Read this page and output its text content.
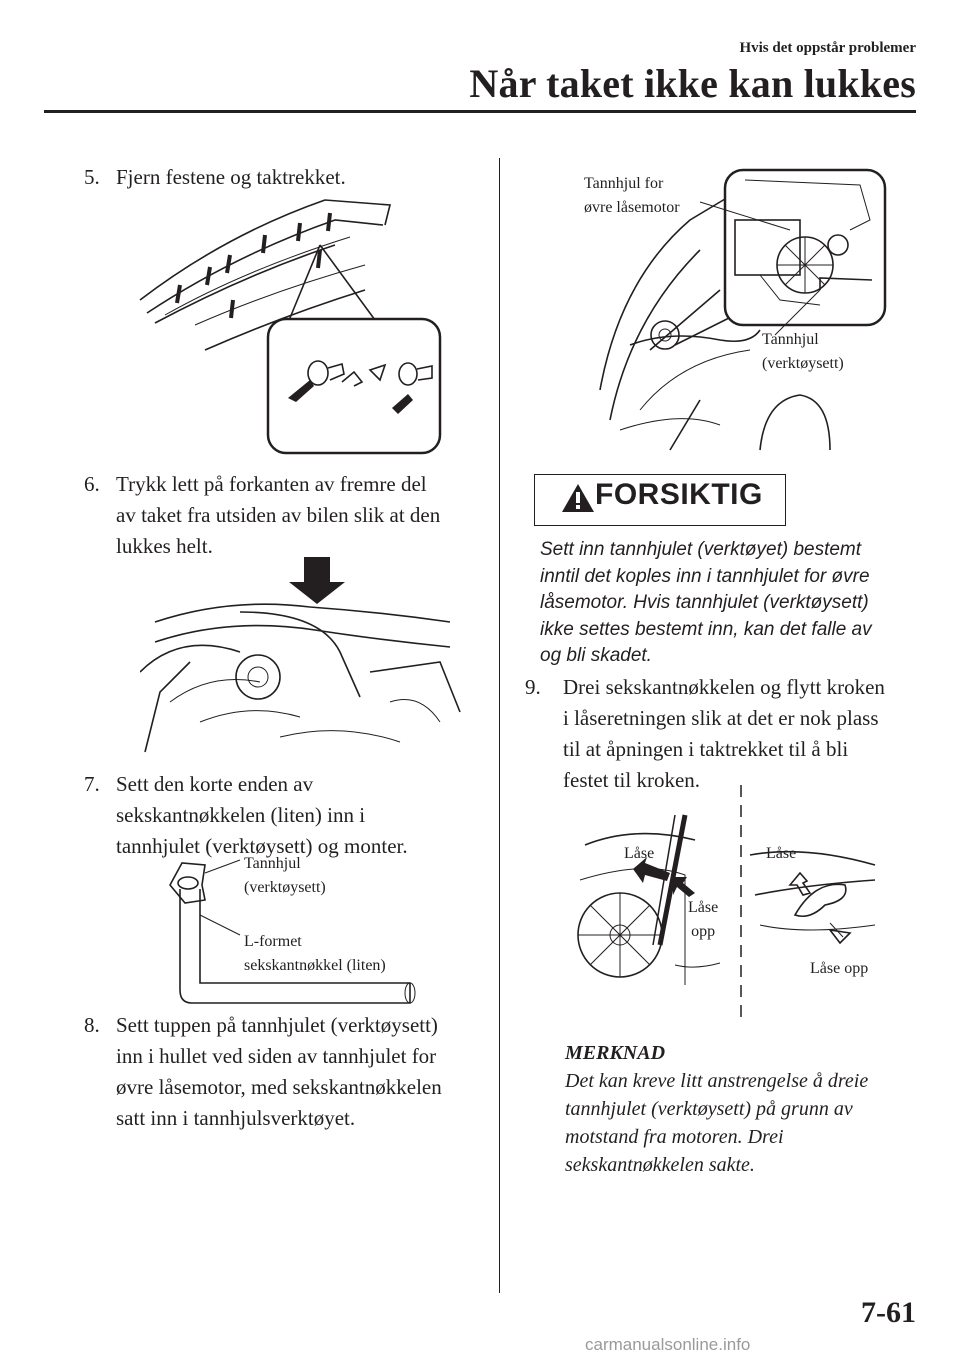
Hvis det oppstår problemer
Når taket ikke kan lukkes
5. Fjern festene og taktrekket.
6. Trykk lett på forkanten av fremre del
av taket fra utsiden av bilen slik at den
lukkes helt.
7. Sett den korte enden av
sekskantnøkkelen (liten) inn i
tannhjulet (verktøysett) og monter.
Tannhjul
(verktøysett)
L-formet
sekskantnøkkel (liten)
8. Sett tuppen på tannhjulet (verktøysett)
inn i hullet ved siden av tannhjulet for
øvre låsemotor, med sekskantnøkkelen
satt inn i tannhjulsverktøyet.
Tannhjul for
øvre låsemotor
Tannhjul
(verktøysett)
FORSIKTIG
Sett inn tannhjulet (verktøyet) bestemt
inntil det koples inn i tannhjulet for øvre
låsemotor. Hvis tannhjulet (verktøysett)
ikke settes bestemt inn, kan det falle av
og bli skadet.
9. Drei sekskantnøkkelen og flytt kroken
i låseretningen slik at det er nok plass
til at åpningen i taktrekket til å bli
festet til kroken.
Låse
Låse
opp
Låse
Låse opp
MERKNAD
Det kan kreve litt anstrengelse å dreie
tannhjulet (verktøysett) på grunn av
motstand fra motoren. Drei
sekskantnøkkelen sakte.
7-61
carmanualsonline.info
